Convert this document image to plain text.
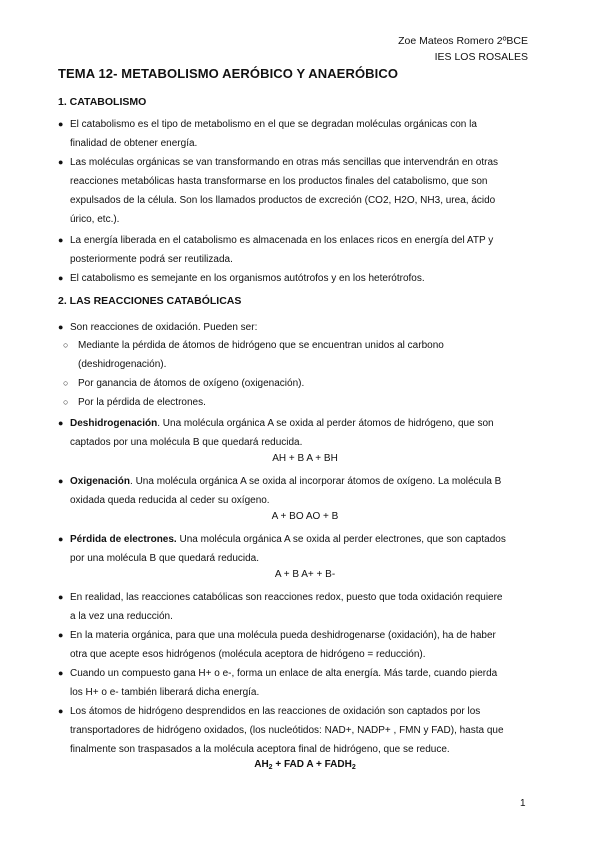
Zoe Mateos Romero 2ºBCE
IES LOS ROSALES
TEMA 12- METABOLISMO AERÓBICO Y ANAERÓBICO
1. CATABOLISMO
● El catabolismo es el tipo de metabolismo en el que se degradan moléculas orgánicas con la
finalidad de obtener energía.
● Las moléculas orgánicas se van transformando en otras más sencillas que intervendrán en otras
reacciones metabólicas hasta transformarse en los productos finales del catabolismo, que son
expulsados de la célula. Son los llamados productos de excreción (CO2, H2O, NH3, urea, ácido
úrico, etc.).
● La energía liberada en el catabolismo es almacenada en los enlaces ricos en energía del ATP y
posteriormente podrá ser reutilizada.
● El catabolismo es semejante en los organismos autótrofos y en los heterótrofos.
2. LAS REACCIONES CATABÓLICAS
● Son reacciones de oxidación. Pueden ser:
○ Mediante la pérdida de átomos de hidrógeno que se encuentran unidos al carbono
(deshidrogenación).
○ Por ganancia de átomos de oxígeno (oxigenación).
○ Por la pérdida de electrones.
● Deshidrogenación. Una molécula orgánica A se oxida al perder átomos de hidrógeno, que son
captados por una molécula B que quedará reducida.
AH + B A + BH
● Oxigenación. Una molécula orgánica A se oxida al incorporar átomos de oxígeno. La molécula B
oxidada queda reducida al ceder su oxígeno.
A + BO AO + B
● Pérdida de electrones. Una molécula orgánica A se oxida al perder electrones, que son captados
por una molécula B que quedará reducida.
A + B A+ + B-
● En realidad, las reacciones catabólicas son reacciones redox, puesto que toda oxidación requiere
a la vez una reducción.
● En la materia orgánica, para que una molécula pueda deshidrogenarse (oxidación), ha de haber
otra que acepte esos hidrógenos (molécula aceptora de hidrógeno = reducción).
● Cuando un compuesto gana H+ o e-, forma un enlace de alta energía. Más tarde, cuando pierda
los H+ o e- también liberará dicha energía.
● Los átomos de hidrógeno desprendidos en las reacciones de oxidación son captados por los
transportadores de hidrógeno oxidados, (los nucleótidos: NAD+, NADP+ , FMN y FAD), hasta que
finalmente son traspasados a la molécula aceptora final de hidrógeno, que se reduce.
$AH_2$ + FAD $A + FADH_2$
1
